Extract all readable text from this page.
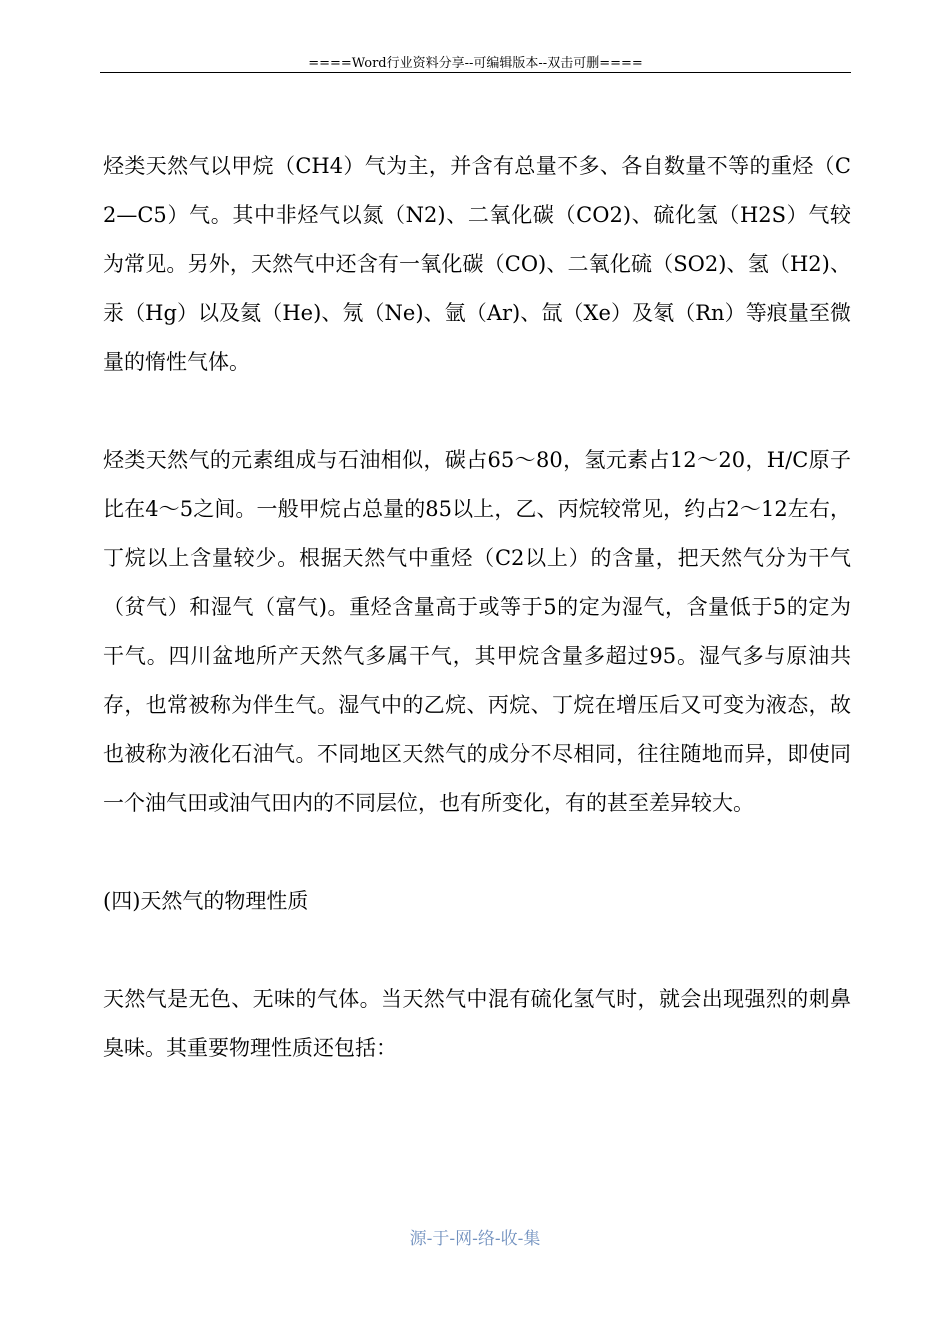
====Word行业资料分享--可编辑版本--双击可删====

烃类天然气以甲烷（CH4）气为主，并含有总量不多、各自数量不等的重烃（C2—C5）气。其中非烃气以氮（N2)、二氧化碳（CO2)、硫化氢（H2S）气较为常见。另外，天然气中还含有一氧化碳（CO)、二氧化硫（SO2)、氢（H2)、汞（Hg）以及氦（He)、氖（Ne)、氩（Ar)、氙（Xe）及氡（Rn）等痕量至微量的惰性气体。

烃类天然气的元素组成与石油相似，碳占65～80，氢元素占12～20，H/C原子比在4～5之间。一般甲烷占总量的85以上，乙、丙烷较常见，约占2～12左右，丁烷以上含量较少。根据天然气中重烃（C2以上）的含量，把天然气分为干气（贫气）和湿气（富气)。重烃含量高于或等于5的定为湿气，含量低于5的定为干气。四川盆地所产天然气多属干气，其甲烷含量多超过95。湿气多与原油共存，也常被称为伴生气。湿气中的乙烷、丙烷、丁烷在增压后又可变为液态，故也被称为液化石油气。不同地区天然气的成分不尽相同，往往随地而异，即使同一个油气田或油气田内的不同层位，也有所变化，有的甚至差异较大。

(四)天然气的物理性质

天然气是无色、无味的气体。当天然气中混有硫化氢气时，就会出现强烈的刺鼻臭味。其重要物理性质还包括：

源-于-网-络-收-集
